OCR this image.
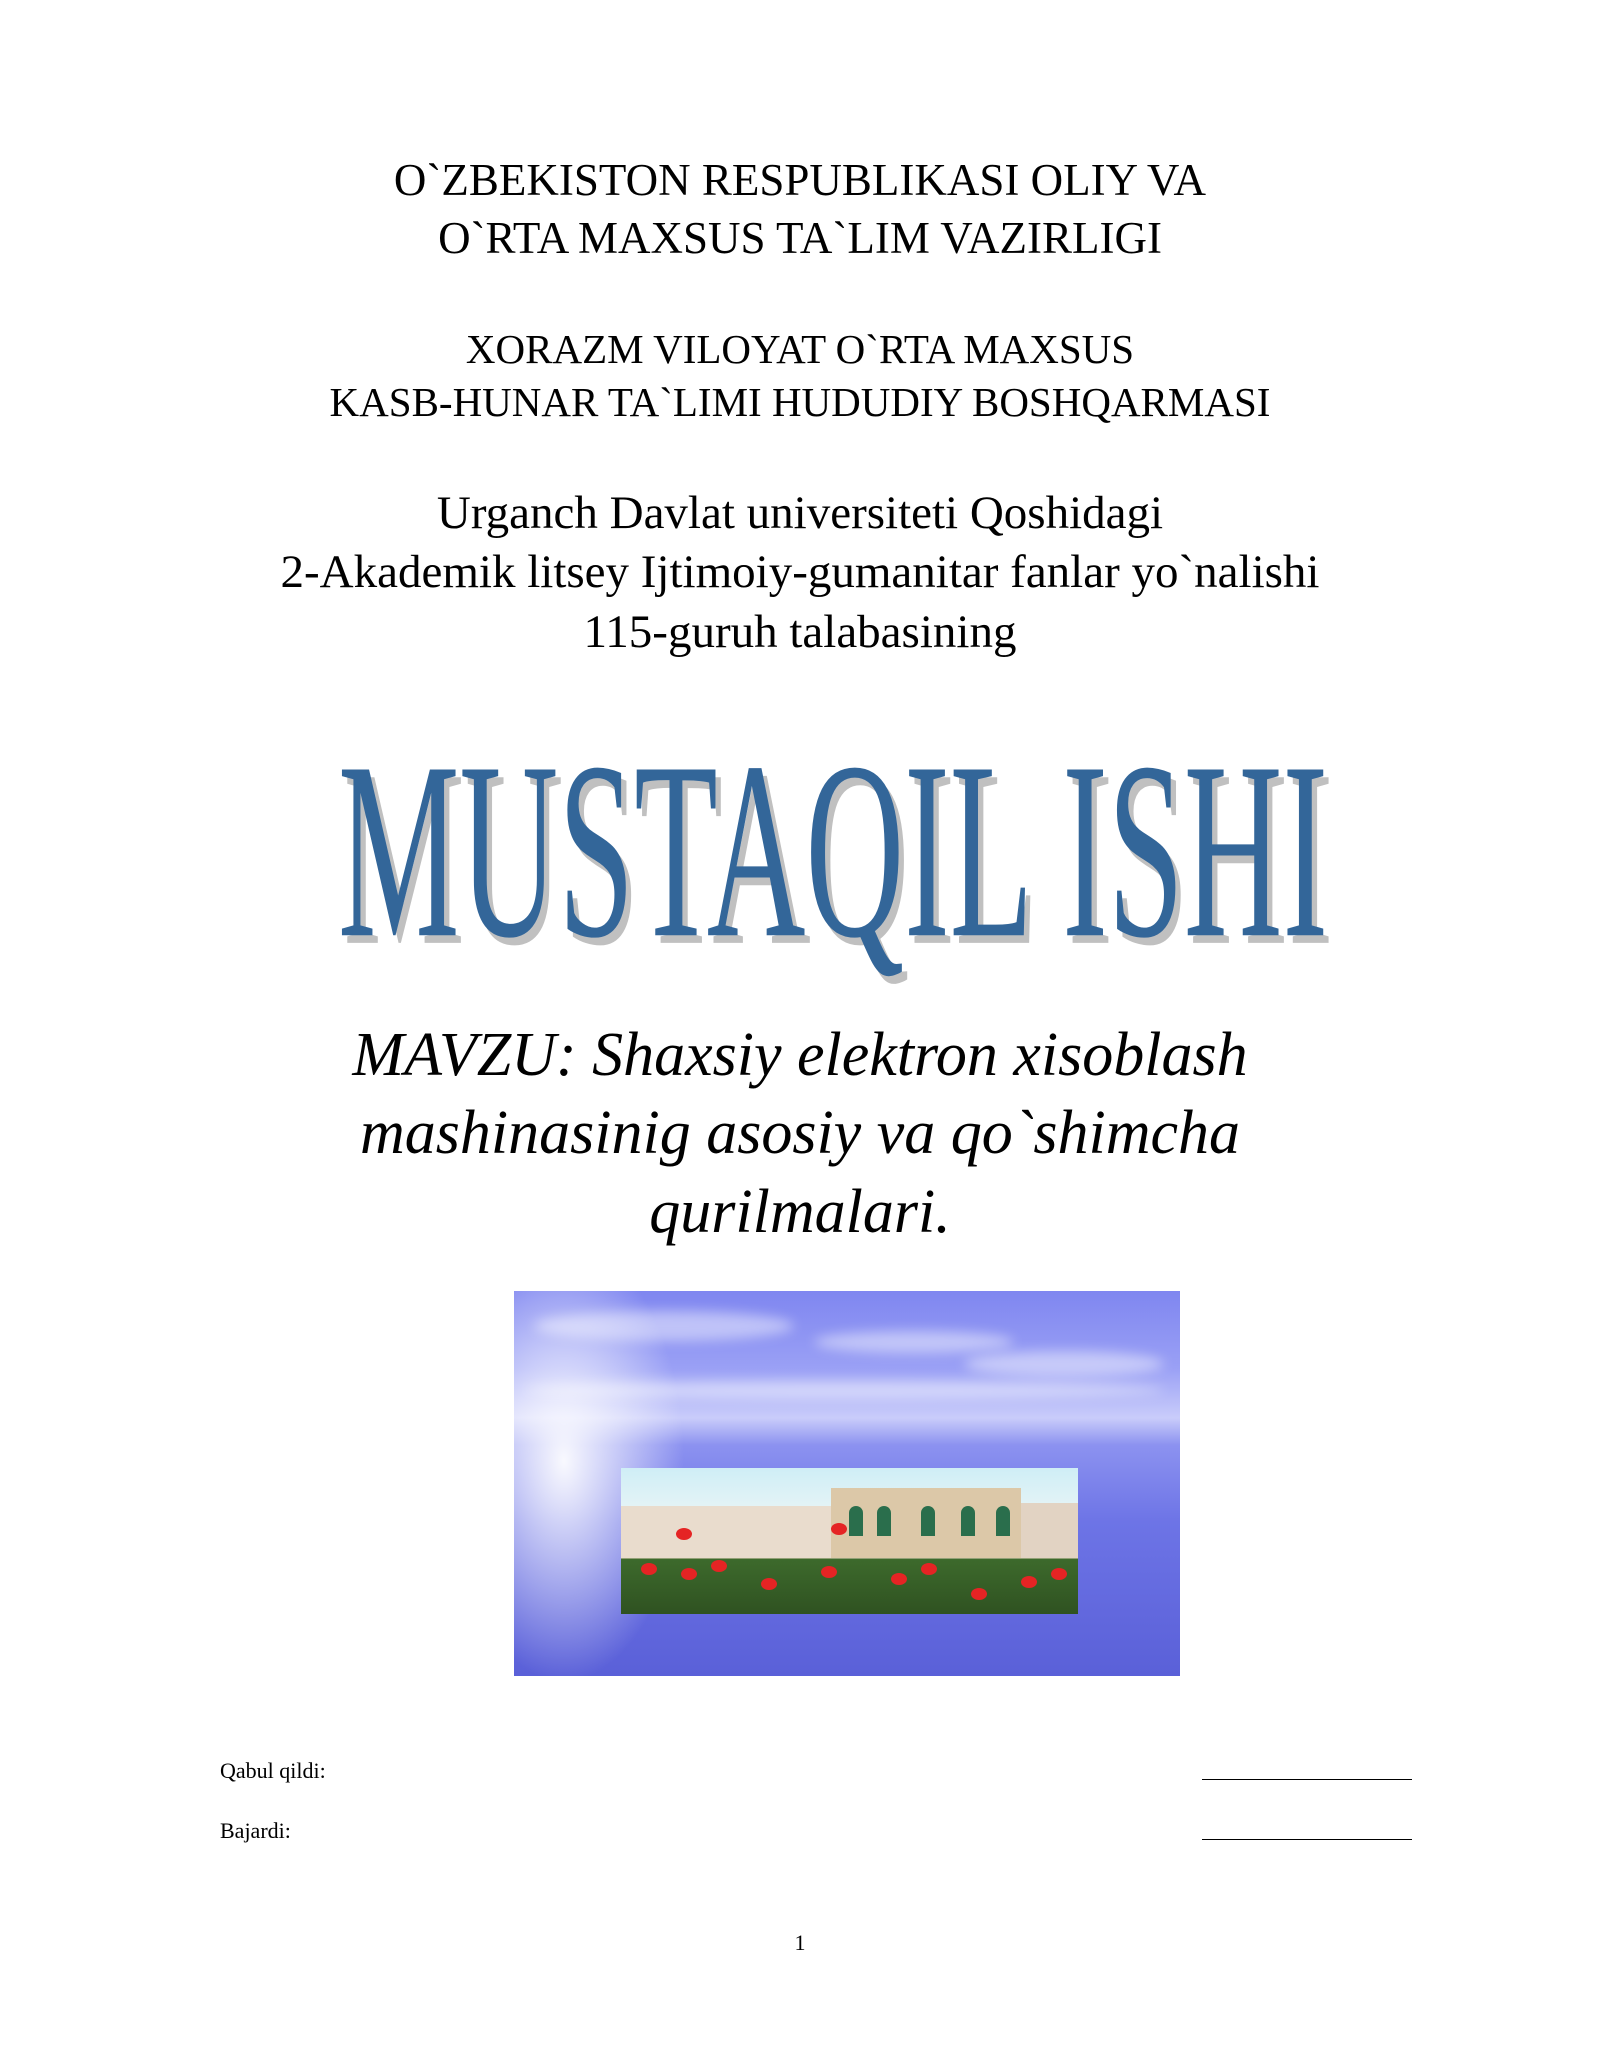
O`ZBEKISTON RESPUBLIKASI OLIY VA
O`RTA MAXSUS TA`LIM VAZIRLIGI
XORAZM VILOYAT O`RTA MAXSUS
KASB-HUNAR TA`LIMI HUDUDIY BOSHQARMASI
Urganch Davlat universiteti Qoshidagi
2-Akademik litsey Ijtimoiy-gumanitar fanlar yo`nalishi
115-guruh talabasining
MUSTAQIL ISHI
MAVZU: Shaxsiy elektron xisoblash
mashinasinig asosiy va qo`shimcha
qurilmalari.
Qabul qildi:
Bajardi:
1
